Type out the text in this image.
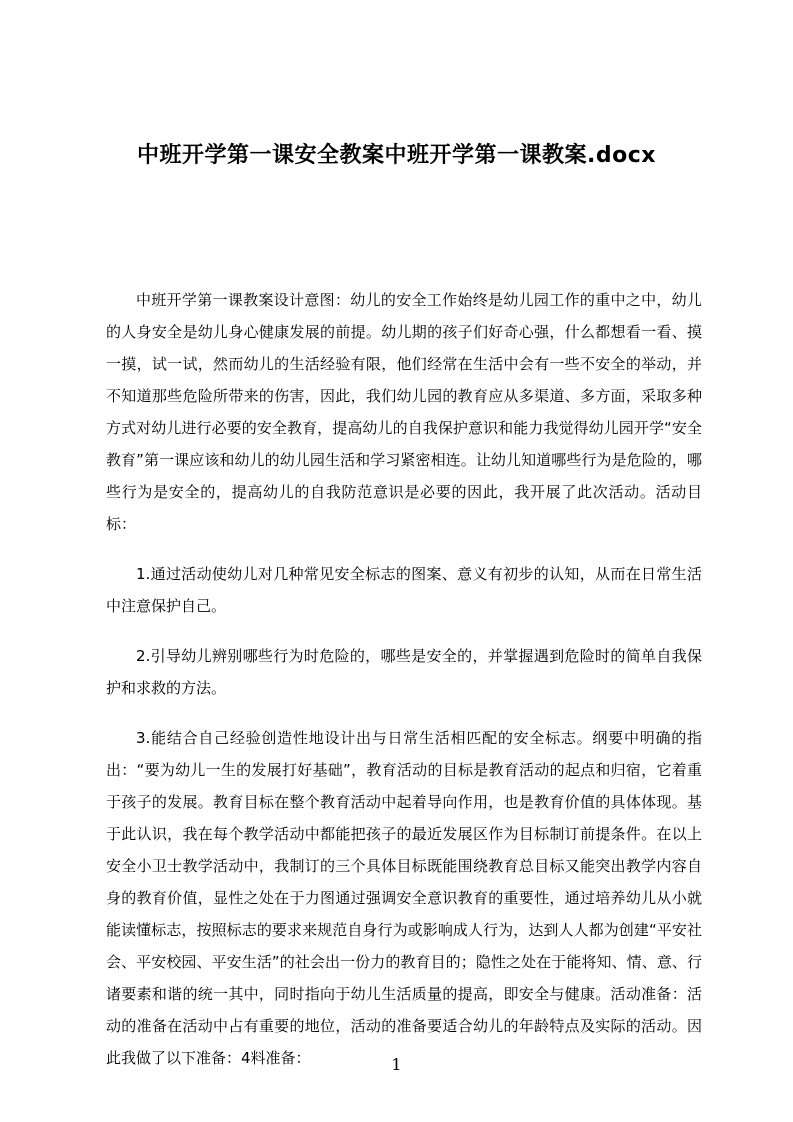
中班开学第一课安全教案中班开学第一课教案.docx

中班开学第一课教案设计意图：幼儿的安全工作始终是幼儿园工作的重中之中，幼儿的人身安全是幼儿身心健康发展的前提。幼儿期的孩子们好奇心强，什么都想看一看、摸一摸，试一试，然而幼儿的生活经验有限，他们经常在生活中会有一些不安全的举动，并不知道那些危险所带来的伤害，因此，我们幼儿园的教育应从多渠道、多方面，采取多种方式对幼儿进行必要的安全教育，提高幼儿的自我保护意识和能力我觉得幼儿园开学“安全教育”第一课应该和幼儿的幼儿园生活和学习紧密相连。让幼儿知道哪些行为是危险的，哪些行为是安全的，提高幼儿的自我防范意识是必要的因此，我开展了此次活动。活动目标：

1.通过活动使幼儿对几种常见安全标志的图案、意义有初步的认知，从而在日常生活中注意保护自己。

2.引导幼儿辨别哪些行为时危险的，哪些是安全的，并掌握遇到危险时的简单自我保护和求救的方法。

3.能结合自己经验创造性地设计出与日常生活相匹配的安全标志。纲要中明确的指出：“要为幼儿一生的发展打好基础”，教育活动的目标是教育活动的起点和归宿，它着重于孩子的发展。教育目标在整个教育活动中起着导向作用，也是教育价值的具体体现。基于此认识，我在每个教学活动中都能把孩子的最近发展区作为目标制订前提条件。在以上安全小卫士教学活动中，我制订的三个具体目标既能围绕教育总目标又能突出教学内容自身的教育价值，显性之处在于力图通过强调安全意识教育的重要性，通过培养幼儿从小就能读懂标志，按照标志的要求来规范自身行为或影响成人行为，达到人人都为创建“平安社会、平安校园、平安生活”的社会出一份力的教育目的；隐性之处在于能将知、情、意、行诸要素和谐的统一其中，同时指向于幼儿生活质量的提高，即安全与健康。活动准备：活动的准备在活动中占有重要的地位，活动的准备要适合幼儿的年龄特点及实际的活动。因此我做了以下准备：4料准备：	1
